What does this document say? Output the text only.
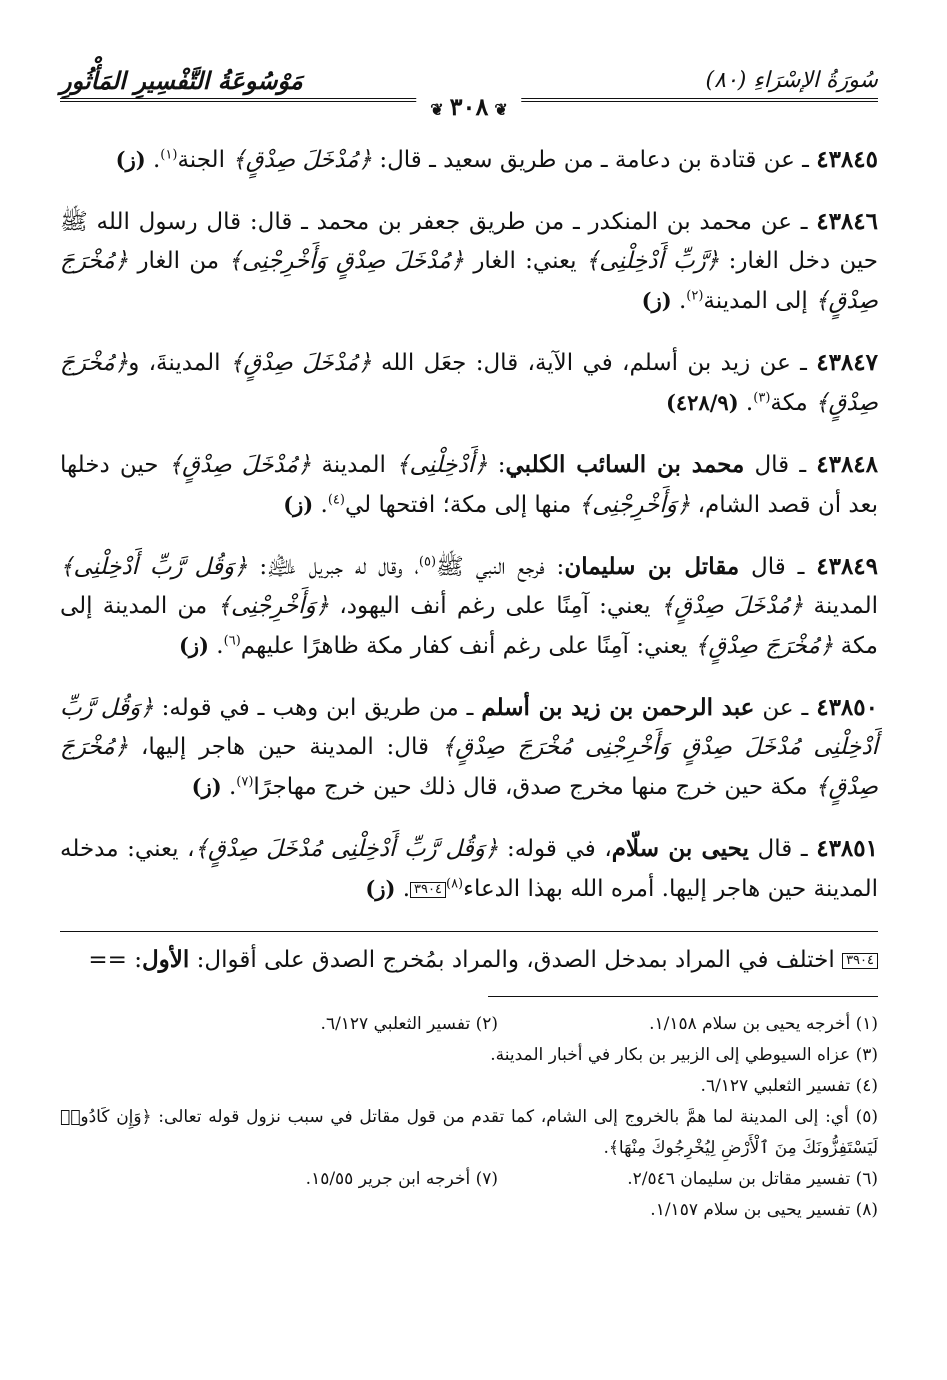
سُورَةُ الإسْرَاءِ (٨٠)
مَوْسُوعَةُ التَّفْسِيرِ المَأْثُورِ
❦٣٠٨❦
٤٣٨٤٥ ـ عن قتادة بن دعامة ـ من طريق سعيد ـ قال: ﴿مُدْخَلَ صِدْقٍ﴾ الجنة$^{(١)}$. (ز)
٤٣٨٤٦ ـ عن محمد بن المنكدر ـ من طريق جعفر بن محمد ـ قال: قال رسول الله ﷺ حين دخل الغار: ﴿رَّبِّ أَدْخِلْنِى﴾ يعني: الغار ﴿مُدْخَلَ صِدْقٍ وَأَخْرِجْنِى﴾ من الغار ﴿مُخْرَجَ صِدْقٍ﴾ إلى المدينة$^{(٢)}$. (ز)
٤٣٨٤٧ ـ عن زيد بن أسلم، في الآية، قال: جعَل الله ﴿مُدْخَلَ صِدْقٍ﴾ المدينةَ، و﴿مُخْرَجَ صِدْقٍ﴾ مكة$^{(٣)}$. (٤٢٨/٩)
٤٣٨٤٨ ـ قال محمد بن السائب الكلبي: ﴿أَدْخِلْنِى﴾ المدينة ﴿مُدْخَلَ صِدْقٍ﴾ حين دخلها بعد أن قصد الشام، ﴿وَأَخْرِجْنِى﴾ منها إلى مكة؛ افتحها لي$^{(٤)}$. (ز)
٤٣٨٤٩ ـ قال مقاتل بن سليمان: فرجع النبي ﷺ$^{(٥)}$، وقال له جبريل ﵇: ﴿وَقُل رَّبِّ أَدْخِلْنِى﴾ المدينة ﴿مُدْخَلَ صِدْقٍ﴾ يعني: آمِنًا على رغم أنف اليهود، ﴿وَأَخْرِجْنِى﴾ من المدينة إلى مكة ﴿مُخْرَجَ صِدْقٍ﴾ يعني: آمِنًا على رغم أنف كفار مكة ظاهرًا عليهم$^{(٦)}$. (ز)
٤٣٨٥٠ ـ عن عبد الرحمن بن زيد بن أسلم ـ من طريق ابن وهب ـ في قوله: ﴿وَقُل رَّبِّ أَدْخِلْنِى مُدْخَلَ صِدْقٍ وَأَخْرِجْنِى مُخْرَجَ صِدْقٍ﴾ قال: المدينة حين هاجر إليها، ﴿مُخْرَجَ صِدْقٍ﴾ مكة حين خرج منها مخرج صدق، قال ذلك حين خرج مهاجرًا$^{(٧)}$. (ز)
٤٣٨٥١ ـ قال يحيى بن سلّام، في قوله: ﴿وَقُل رَّبِّ أَدْخِلْنِى مُدْخَلَ صِدْقٍ﴾، يعني: مدخله المدينة حين هاجر إليها. أمره الله بهذا الدعاء$^{(٨)}$٣٩٠٤. (ز)
٣٩٠٤ اختلف في المراد بمدخل الصدق، والمراد بمُخرج الصدق على أقوال: الأول: ==
(١) أخرجه يحيى بن سلام ١/١٥٨.
(٢) تفسير الثعلبي ٦/١٢٧.
(٣) عزاه السيوطي إلى الزبير بن بكار في أخبار المدينة.
(٤) تفسير الثعلبي ٦/١٢٧.
(٥) أي: إلى المدينة لما همَّ بالخروج إلى الشام، كما تقدم من قول مقاتل في سبب نزول قوله تعالى: ﴿وَإِن كَادُوا۟ لَيَسْتَفِزُّونَكَ مِنَ ٱلْأَرْضِ لِيُخْرِجُوكَ مِنْهَا﴾.
(٦) تفسير مقاتل بن سليمان ٢/٥٤٦.
(٧) أخرجه ابن جرير ١٥/٥٥.
(٨) تفسير يحيى بن سلام ١/١٥٧.
